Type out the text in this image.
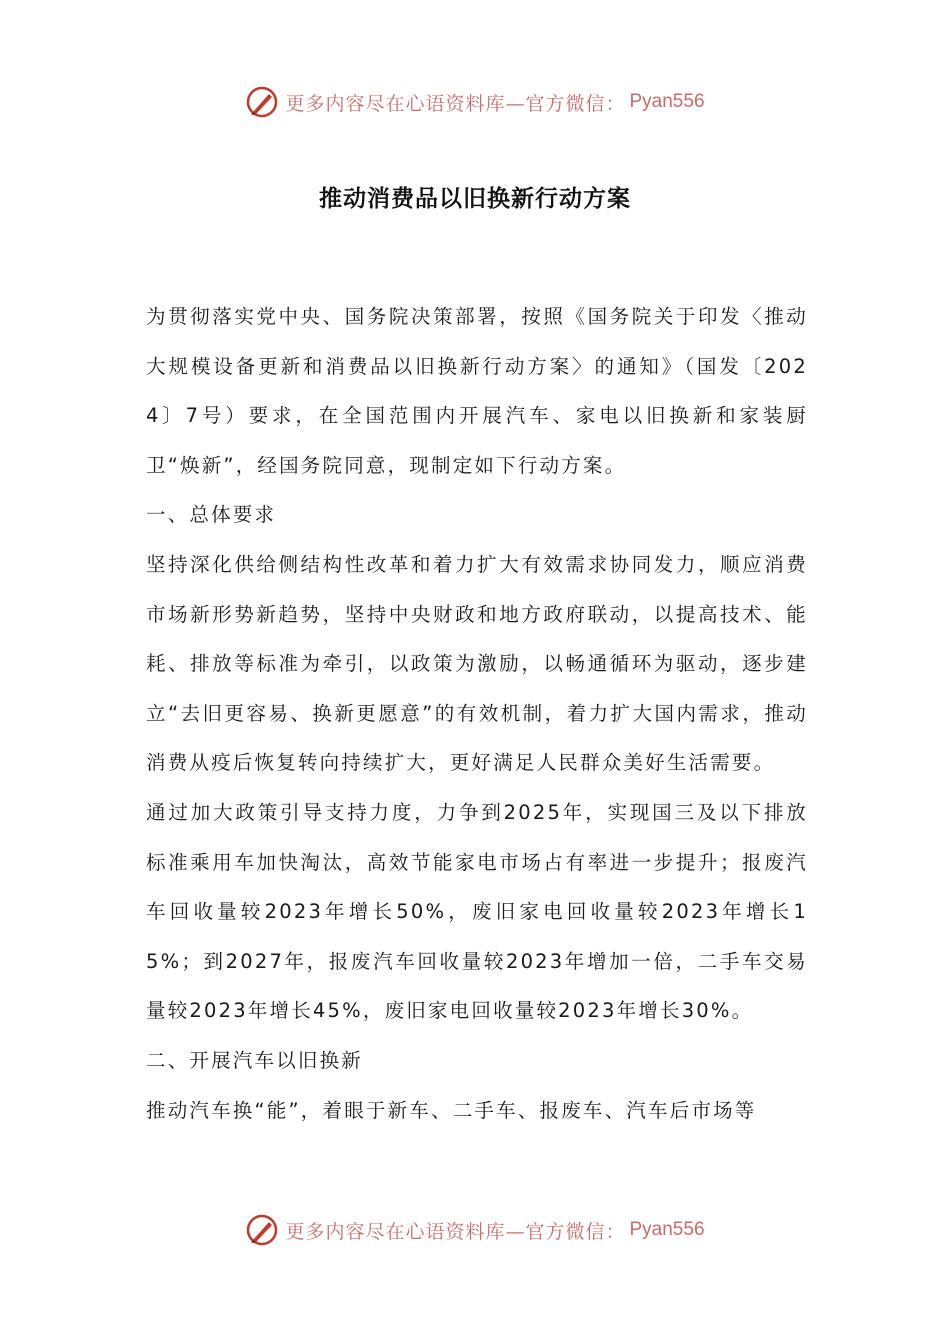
更多内容尽在心语资料库—官方微信： Pyan556
推动消费品以旧换新行动方案

为贯彻落实党中央、国务院决策部署，按照《国务院关于印发〈推动大规模设备更新和消费品以旧换新行动方案〉的通知》（国发〔2024〕7号）要求，在全国范围内开展汽车、家电以旧换新和家装厨卫“焕新”，经国务院同意，现制定如下行动方案。

一、总体要求

坚持深化供给侧结构性改革和着力扩大有效需求协同发力，顺应消费市场新形势新趋势，坚持中央财政和地方政府联动，以提高技术、能耗、排放等标准为牵引，以政策为激励，以畅通循环为驱动，逐步建立“去旧更容易、换新更愿意”的有效机制，着力扩大国内需求，推动消费从疫后恢复转向持续扩大，更好满足人民群众美好生活需要。

通过加大政策引导支持力度，力争到2025年，实现国三及以下排放标准乘用车加快淘汰，高效节能家电市场占有率进一步提升；报废汽车回收量较2023年增长50%，废旧家电回收量较2023年增长15%；到2027年，报废汽车回收量较2023年增加一倍，二手车交易量较2023年增长45%，废旧家电回收量较2023年增长30%。

二、开展汽车以旧换新

推动汽车换“能”，着眼于新车、二手车、报废车、汽车后市场等

更多内容尽在心语资料库—官方微信： Pyan556
